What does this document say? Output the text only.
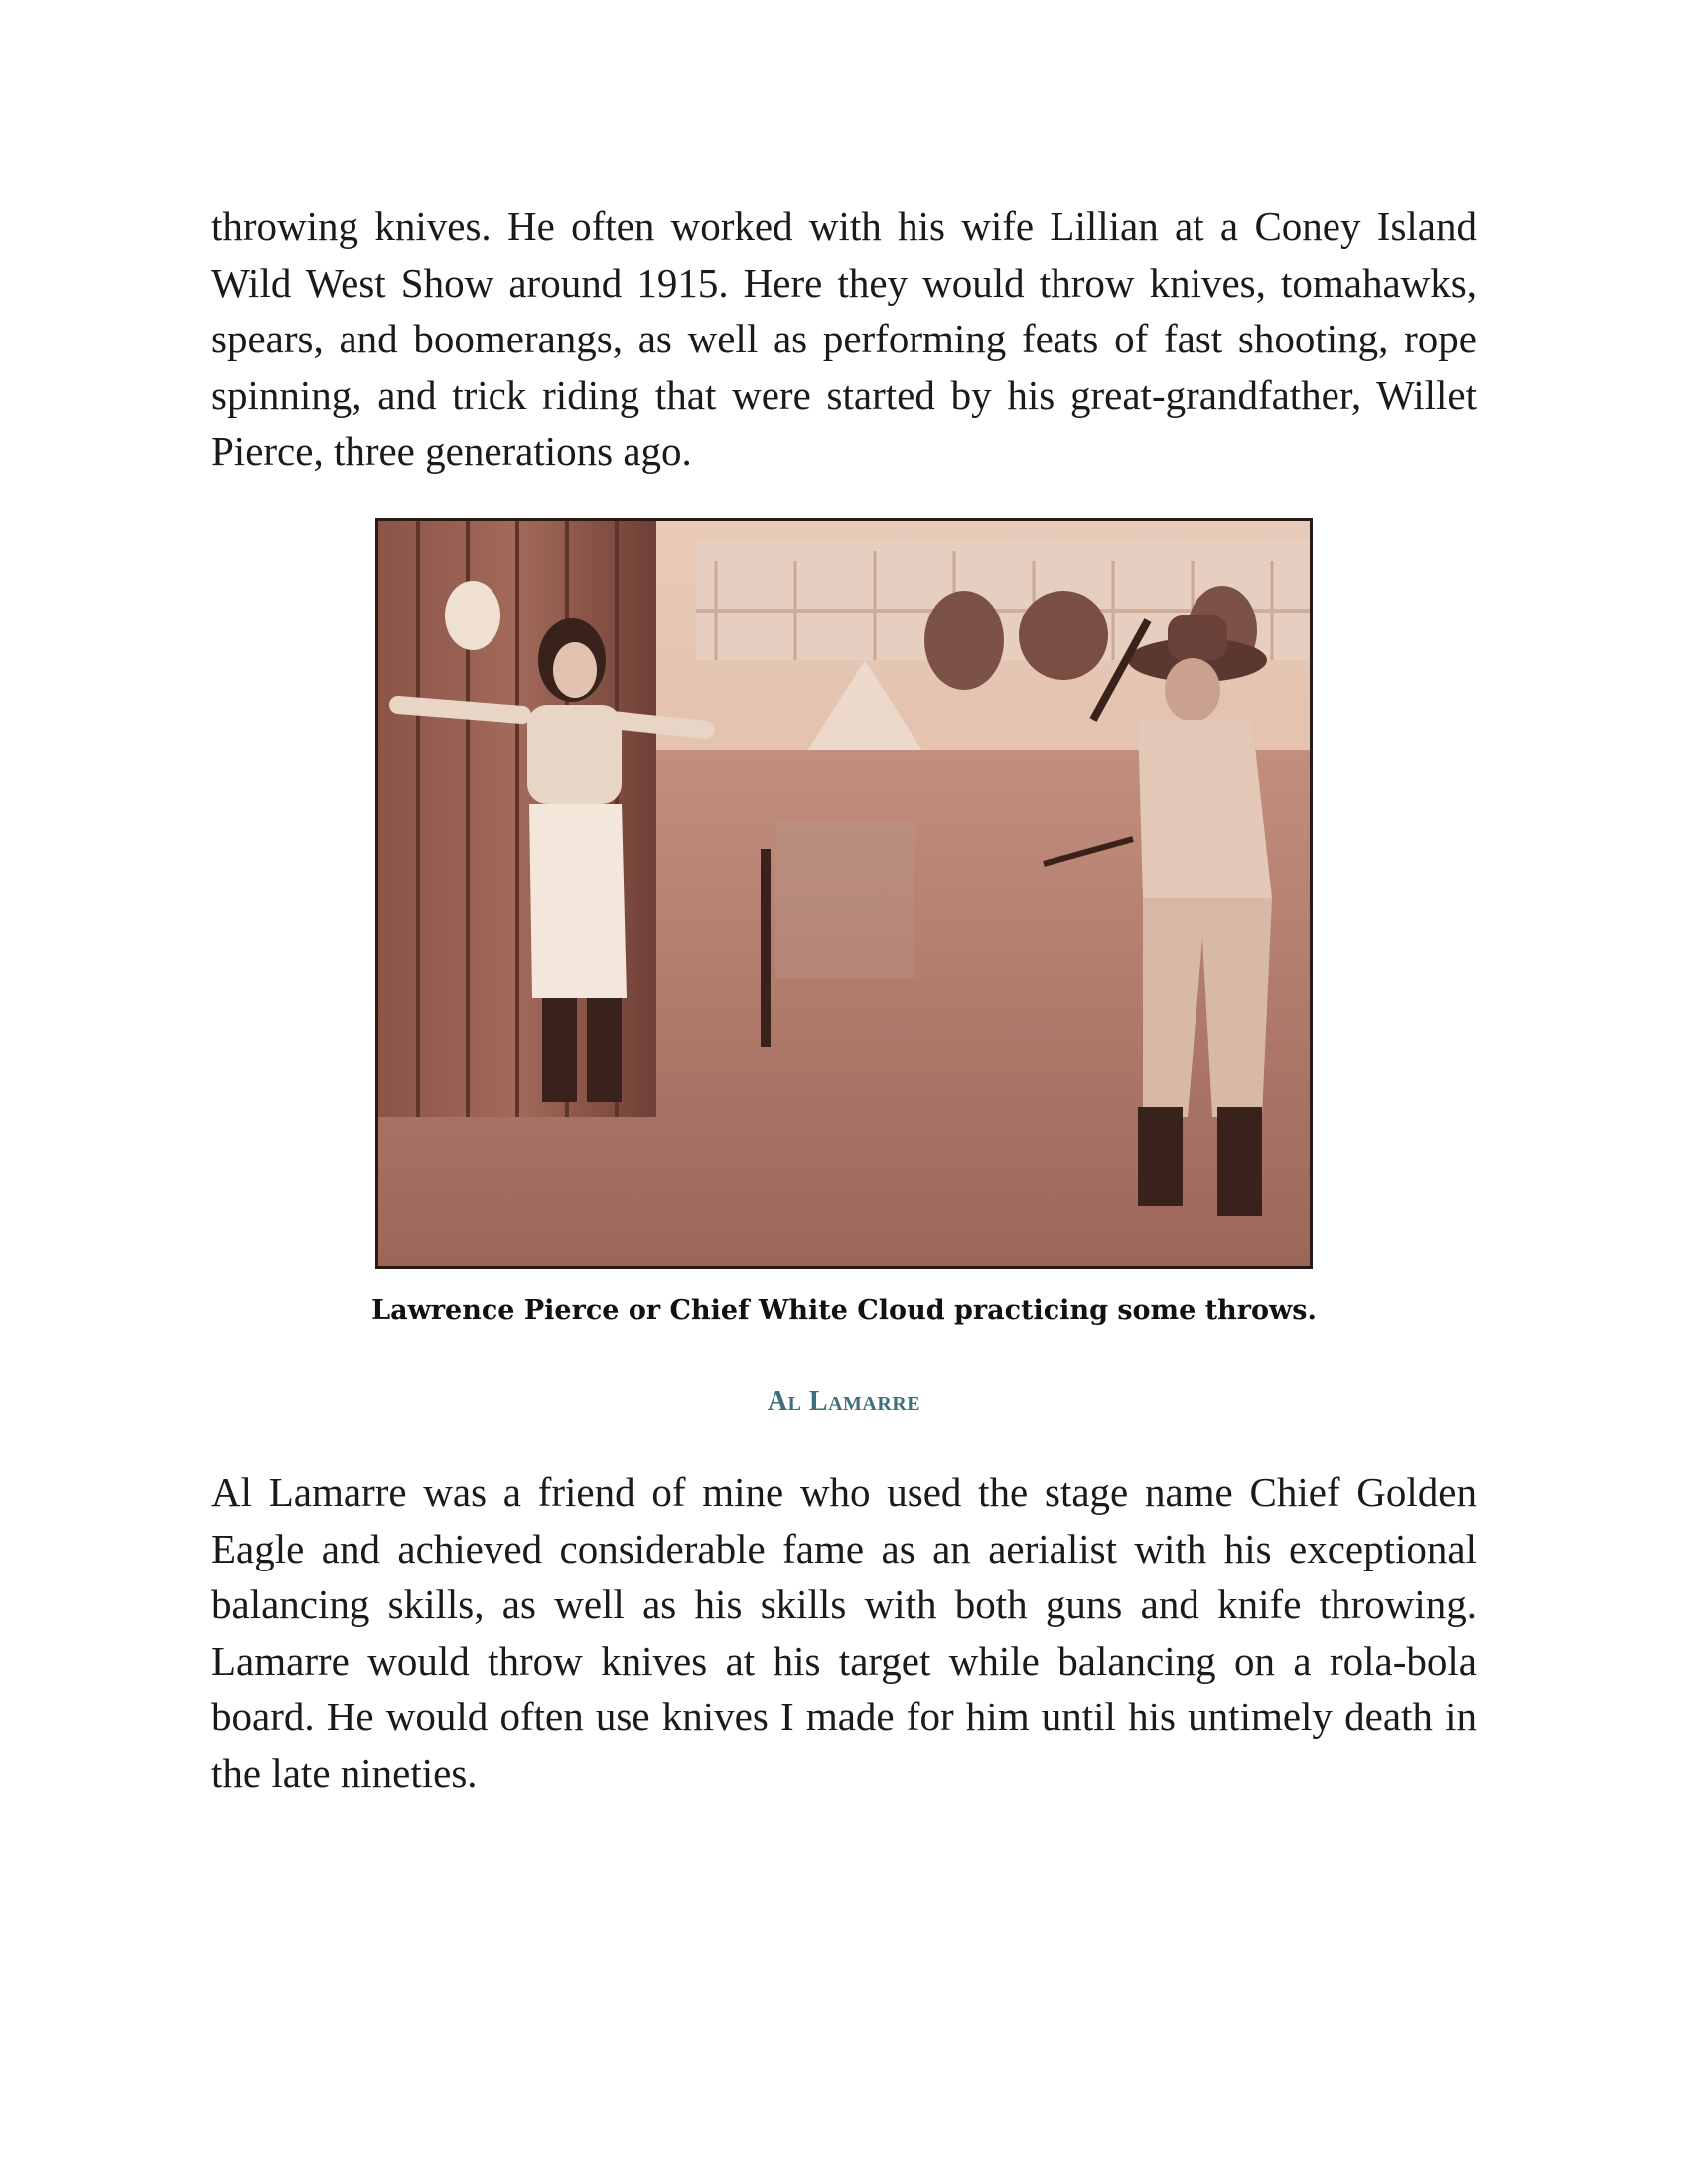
throwing knives. He often worked with his wife Lillian at a Coney Island Wild West Show around 1915. Here they would throw knives, tomahawks, spears, and boomerangs, as well as performing feats of fast shooting, rope spinning, and trick riding that were started by his great-grandfather, Willet Pierce, three generations ago.

Lawrence Pierce or Chief White Cloud practicing some throws.

Al Lamarre

Al Lamarre was a friend of mine who used the stage name Chief Golden Eagle and achieved considerable fame as an aerialist with his exceptional balancing skills, as well as his skills with both guns and knife throwing. Lamarre would throw knives at his target while balancing on a rola-bola board. He would often use knives I made for him until his untimely death in the late nineties.
